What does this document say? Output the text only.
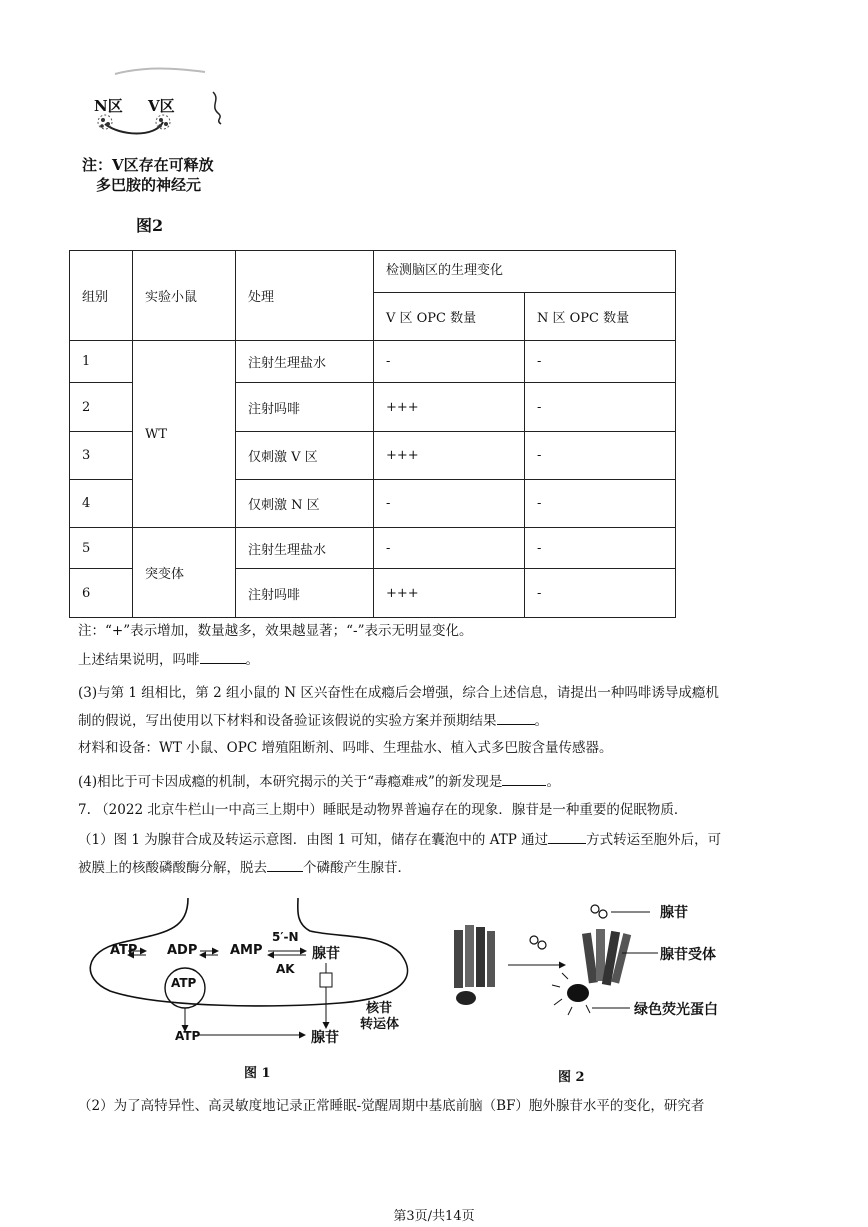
N区 V区
注：V区存在可释放
多巴胺的神经元
图2
组别	实验小鼠	处理	检测脑区的生理变化	
			V 区 OPC 数量	N 区 OPC 数量
1	WT	注射生理盐水	-	-
2		注射吗啡	+++	-
3		仅刺激 V 区	+++	-
4		仅刺激 N 区	-	-
5	突变体	注射生理盐水	-	-
6		注射吗啡	+++	-
注：“+”表示增加，数量越多，效果越显著；“-”表示无明显变化。
上述结果说明，吗啡	。
(3)与第 1 组相比，第 2 组小鼠的 N 区兴奋性在成瘾后会增强，综合上述信息，请提出一种吗啡诱导成瘾机
制的假说，写出使用以下材料和设备验证该假说的实验方案并预期结果	。
材料和设备：WT 小鼠、OPC 增殖阻断剂、吗啡、生理盐水、植入式多巴胺含量传感器。
(4)相比于可卡因成瘾的机制，本研究揭示的关于“毒瘾难戒”的新发现是	。
7. （2022 北京牛栏山一中高三上期中）睡眠是动物界普遍存在的现象．腺苷是一种重要的促眠物质．
（1）图 1 为腺苷合成及转运示意图．由图 1 可知，储存在囊泡中的 ATP 通过	方式转运至胞外后，可
被膜上的核酸磷酸酶分解，脱去	个磷酸产生腺苷．
ATP ADP	AMP
5′-N
腺苷
AK
ATP
ATP	腺苷
核苷
转运体
图 1
腺苷
腺苷受体
绿色荧光蛋白
图 2
（2）为了高特异性、高灵敏度地记录正常睡眠-觉醒周期中基底前脑（BF）胞外腺苷水平的变化，研究者
第3页/共14页
